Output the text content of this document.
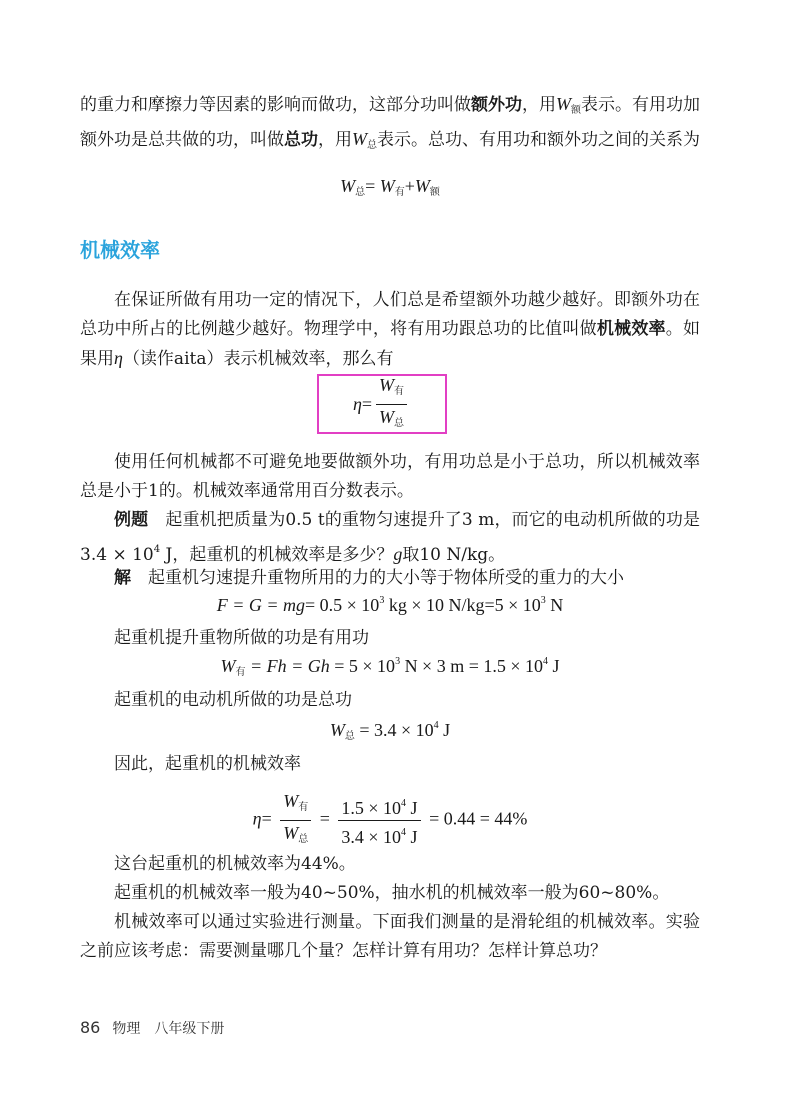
的重力和摩擦力等因素的影响而做功，这部分功叫做额外功，用$W_额$表示。有用功加额外功是总共做的功，叫做总功，用$W_总$表示。总功、有用功和额外功之间的关系为

$W_总= W_有+W_额$

机械效率

在保证所做有用功一定的情况下，人们总是希望额外功越少越好。即额外功在总功中所占的比例越少越好。物理学中，将有用功跟总功的比值叫做机械效率。如果用η（读作aita）表示机械效率，那么有

$\eta = \frac{W_有}{W_总}$

使用任何机械都不可避免地要做额外功，有用功总是小于总功，所以机械效率总是小于1的。机械效率通常用百分数表示。

例题　起重机把质量为0.5 t的重物匀速提升了3 m，而它的电动机所做的功是$3.4 \times 10^4$ J，起重机的机械效率是多少？g取10 N/kg。

解　起重机匀速提升重物所用的力的大小等于物体所受的重力的大小

$F = G = mg= 0.5 \times 10^3$ kg × 10 $N/kg=5 \times 10^3$ N

起重机提升重物所做的功是有用功

$W_有 = Fh = Gh = 5 \times 10^3$ N × 3 $m = 1.5 \times 10^4$ J

起重机的电动机所做的功是总功

$W_总 = 3.4 \times 10^4$ J

因此，起重机的机械效率

$\eta= \frac{W_有}{W_总} = \frac{1.5 \times 10^4 J}{3.4 \times 10^4 J} = 0.44 = 44\%$

这台起重机的机械效率为44%。

起重机的机械效率一般为40~50%，抽水机的机械效率一般为60~80%。

机械效率可以通过实验进行测量。下面我们测量的是滑轮组的机械效率。实验之前应该考虑：需要测量哪几个量？怎样计算有用功？怎样计算总功？

86 物理　八年级下册
